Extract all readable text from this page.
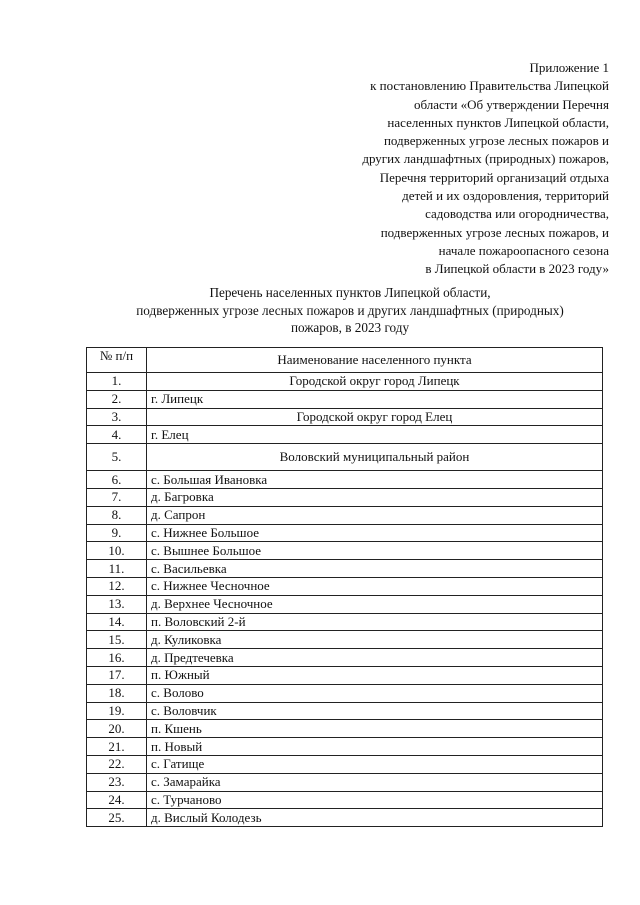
Приложение 1
к постановлению Правительства Липецкой
области «Об утверждении Перечня
населенных пунктов Липецкой области,
подверженных угрозе лесных пожаров и
других ландшафтных (природных) пожаров,
Перечня территорий организаций отдыха
детей и их оздоровления, территорий
садоводства или огородничества,
подверженных угрозе лесных пожаров, и
начале пожароопасного сезона
в Липецкой области в 2023 году»
Перечень населенных пунктов Липецкой области,
подверженных угрозе лесных пожаров и других ландшафтных (природных)
пожаров, в 2023 году
№ п/п	Наименование населенного пункта
1.	Городской округ город Липецк
2.	г. Липецк
3.	Городской округ город Елец
4.	г. Елец
5.	Воловский муниципальный район
6.	с. Большая Ивановка
7.	д. Багровка
8.	д. Сапрон
9.	с. Нижнее Большое
10.	с. Вышнее Большое
11.	с. Васильевка
12.	с. Нижнее Чесночное
13.	д. Верхнее Чесночное
14.	п. Воловский 2-й
15.	д. Куликовка
16.	д. Предтечевка
17.	п. Южный
18.	с. Волово
19.	с. Воловчик
20.	п. Кшень
21.	п. Новый
22.	с. Гатище
23.	с. Замарайка
24.	с. Турчаново
25.	д. Вислый Колодезь
